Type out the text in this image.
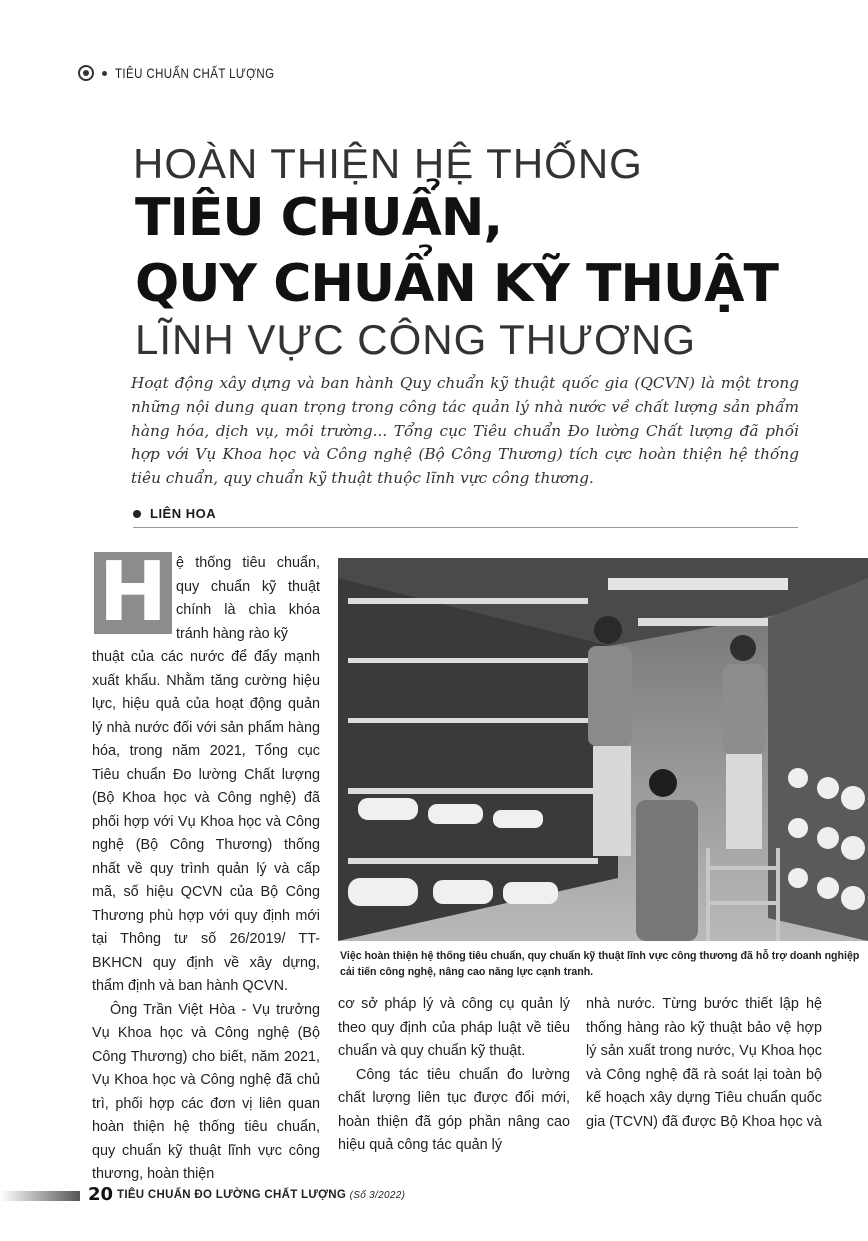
TIÊU CHUẨN CHẤT LƯỢNG
HOÀN THIỆN HỆ THỐNG
TIÊU CHUẨN,
QUY CHUẨN KỸ THUẬT
LĨNH VỰC CÔNG THƯƠNG
Hoạt động xây dựng và ban hành Quy chuẩn kỹ thuật quốc gia (QCVN) là một trong những nội dung quan trọng trong công tác quản lý nhà nước về chất lượng sản phẩm hàng hóa, dịch vụ, môi trường... Tổng cục Tiêu chuẩn Đo lường Chất lượng đã phối hợp với Vụ Khoa học và Công nghệ (Bộ Công Thương) tích cực hoàn thiện hệ thống tiêu chuẩn, quy chuẩn kỹ thuật thuộc lĩnh vực công thương.
LIÊN HOA
H ệ thống tiêu chuẩn, quy chuẩn kỹ thuật chính là chìa khóa tránh hàng rào kỹ

thuật của các nước để đẩy mạnh xuất khẩu. Nhằm tăng cường hiệu lực, hiệu quả của hoạt động quản lý nhà nước đối với sản phẩm hàng hóa, trong năm 2021, Tổng cục Tiêu chuẩn Đo lường Chất lượng (Bộ Khoa học và Công nghệ) đã phối hợp với Vụ Khoa học và Công nghệ (Bộ Công Thương) thống nhất về quy trình quản lý và cấp mã, số hiệu QCVN của Bộ Công Thương phù hợp với quy định mới tại Thông tư số 26/2019/ TT-BKHCN quy định về xây dựng, thẩm định và ban hành QCVN.

Ông Trần Việt Hòa - Vụ trưởng Vụ Khoa học và Công nghệ (Bộ Công Thương) cho biết, năm 2021, Vụ Khoa học và Công nghệ đã chủ trì, phối hợp các đơn vị liên quan hoàn thiện hệ thống tiêu chuẩn, quy chuẩn kỹ thuật lĩnh vực công thương, hoàn thiện

Việc hoàn thiện hệ thống tiêu chuẩn, quy chuẩn kỹ thuật lĩnh vực công thương đã hỗ trợ doanh nghiệp cải tiến công nghệ, nâng cao năng lực cạnh tranh.

cơ sở pháp lý và công cụ quản lý theo quy định của pháp luật về tiêu chuẩn và quy chuẩn kỹ thuật.

Công tác tiêu chuẩn đo lường chất lượng liên tục được đổi mới, hoàn thiện đã góp phần nâng cao hiệu quả công tác quản lý

nhà nước. Từng bước thiết lập hệ thống hàng rào kỹ thuật bảo vệ hợp lý sản xuất trong nước, Vụ Khoa học và Công nghệ đã rà soát lại toàn bộ kế hoạch xây dựng Tiêu chuẩn quốc gia (TCVN) đã được Bộ Khoa học và

20 TIÊU CHUẨN ĐO LƯỜNG CHẤT LƯỢNG (Số 3/2022)
